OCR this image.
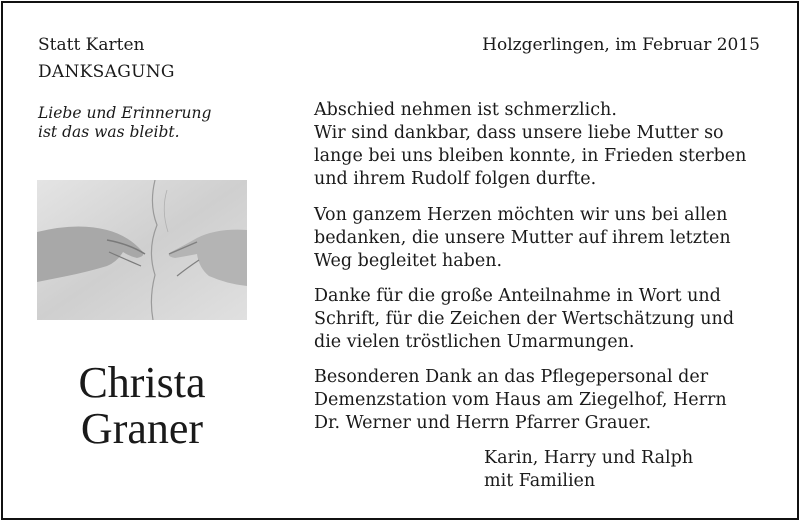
Statt Karten
DANKSAGUNG
Holzgerlingen, im Februar 2015
Liebe und Erinnerung
ist das was bleibt.
Christa
Graner
Abschied nehmen ist schmerzlich.
Wir sind dankbar, dass unsere liebe Mutter so
lange bei uns bleiben konnte, in Frieden sterben
und ihrem Rudolf folgen durfte.
Von ganzem Herzen möchten wir uns bei allen
bedanken, die unsere Mutter auf ihrem letzten
Weg begleitet haben.
Danke für die große Anteilnahme in Wort und
Schrift, für die Zeichen der Wertschätzung und
die vielen tröstlichen Umarmungen.
Besonderen Dank an das Pflegepersonal der
Demenzstation vom Haus am Ziegelhof, Herrn
Dr. Werner und Herrn Pfarrer Grauer.
Karin, Harry und Ralph
mit Familien
